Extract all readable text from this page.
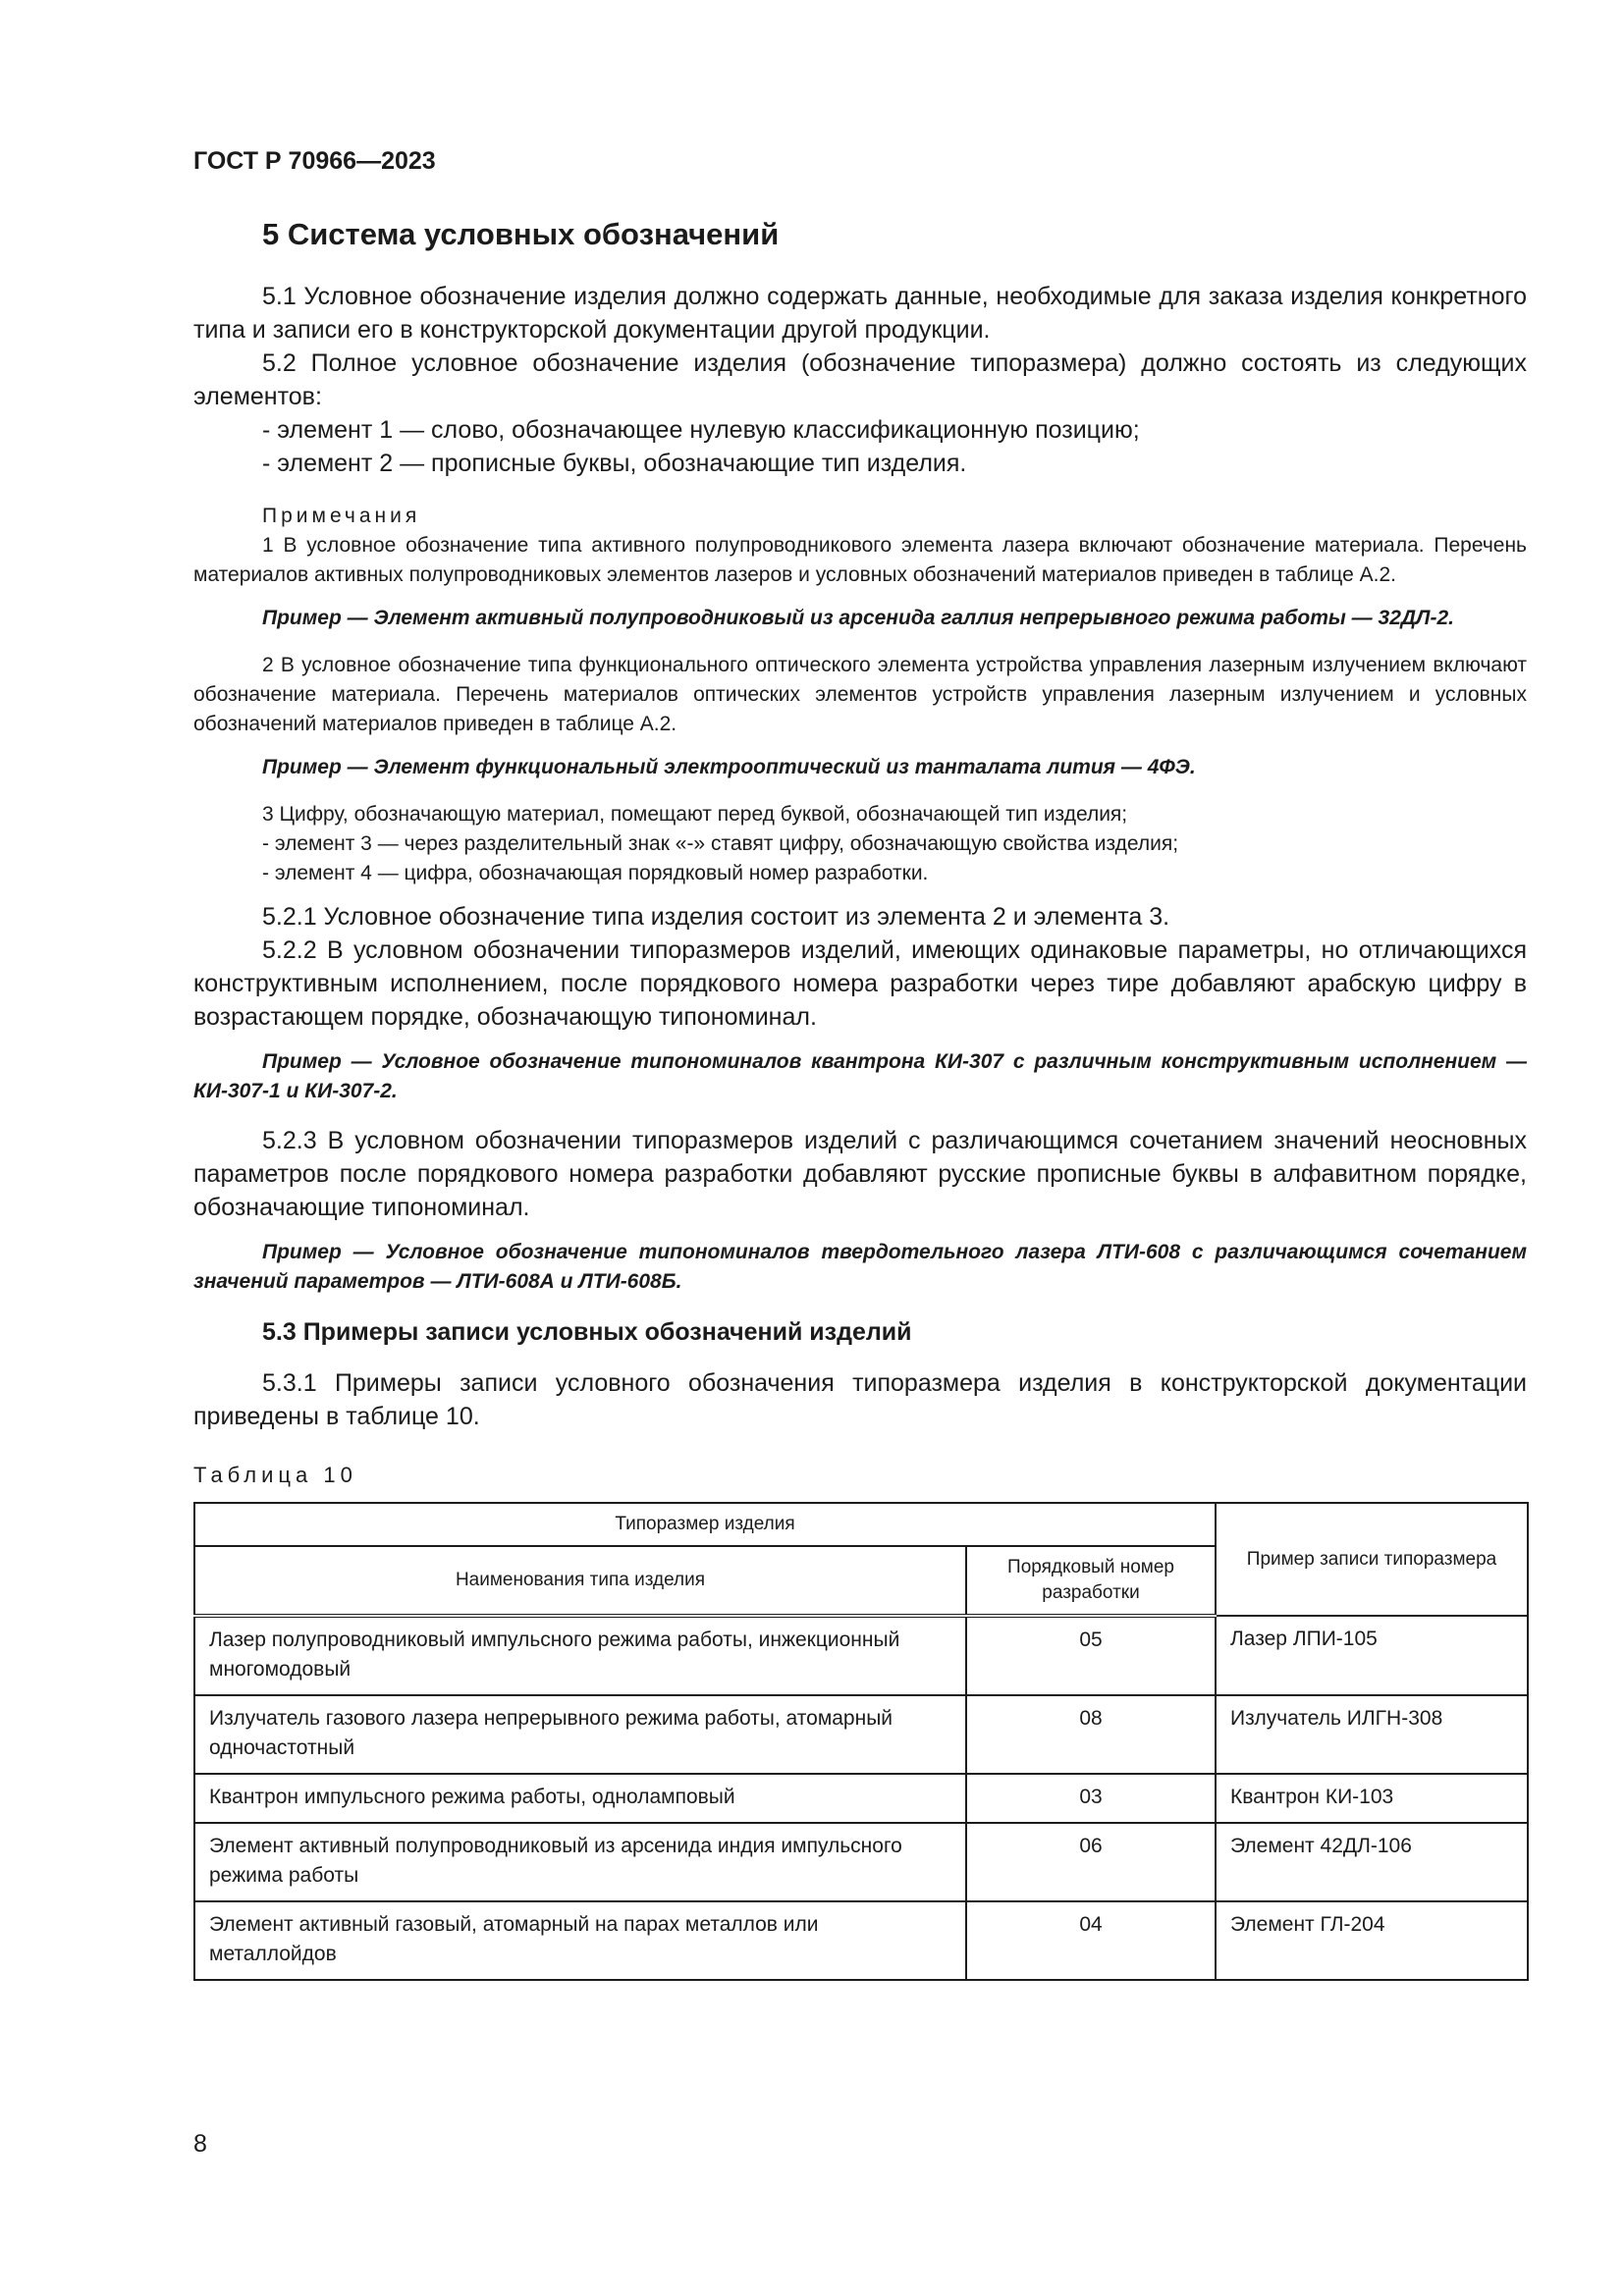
ГОСТ Р 70966—2023
5 Система условных обозначений

5.1 Условное обозначение изделия должно содержать данные, необходимые для заказа изделия конкретного типа и записи его в конструкторской документации другой продукции.

5.2 Полное условное обозначение изделия (обозначение типоразмера) должно состоять из следующих элементов:

- элемент 1 — слово, обозначающее нулевую классификационную позицию;

- элемент 2 — прописные буквы, обозначающие тип изделия.

Примечания

1 В условное обозначение типа активного полупроводникового элемента лазера включают обозначение материала. Перечень материалов активных полупроводниковых элементов лазеров и условных обозначений материалов приведен в таблице А.2.

Пример — Элемент активный полупроводниковый из арсенида галлия непрерывного режима работы — 32ДЛ-2.

2 В условное обозначение типа функционального оптического элемента устройства управления лазерным излучением включают обозначение материала. Перечень материалов оптических элементов устройств управления лазерным излучением и условных обозначений материалов приведен в таблице А.2.

Пример — Элемент функциональный электрооптический из танталата лития — 4ФЭ.

3 Цифру, обозначающую материал, помещают перед буквой, обозначающей тип изделия;

- элемент 3 — через разделительный знак «-» ставят цифру, обозначающую свойства изделия;

- элемент 4 — цифра, обозначающая порядковый номер разработки.

5.2.1 Условное обозначение типа изделия состоит из элемента 2 и элемента 3.

5.2.2 В условном обозначении типоразмеров изделий, имеющих одинаковые параметры, но отличающихся конструктивным исполнением, после порядкового номера разработки через тире добавляют арабскую цифру в возрастающем порядке, обозначающую типономинал.

Пример — Условное обозначение типономиналов квантрона КИ-307 с различным конструктивным исполнением — КИ-307-1 и КИ-307-2.

5.2.3 В условном обозначении типоразмеров изделий с различающимся сочетанием значений неосновных параметров после порядкового номера разработки добавляют русские прописные буквы в алфавитном порядке, обозначающие типономинал.

Пример — Условное обозначение типономиналов твердотельного лазера ЛТИ-608 с различающимся сочетанием значений параметров — ЛТИ-608А и ЛТИ-608Б.

5.3 Примеры записи условных обозначений изделий

5.3.1 Примеры записи условного обозначения типоразмера изделия в конструкторской документации приведены в таблице 10.

Таблица 10
Типоразмер изделия		Пример записи типоразмера
Наименования типа изделия	Порядковый номер разработки	
Лазер полупроводниковый импульсного режима работы, инжекционный многомодовый	05	Лазер ЛПИ-105
Излучатель газового лазера непрерывного режима работы, атомарный одночастотный	08	Излучатель ИЛГН-308
Квантрон импульсного режима работы, одноламповый	03	Квантрон КИ-103
Элемент активный полупроводниковый из арсенида индия импульсного режима работы	06	Элемент 42ДЛ-106
Элемент активный газовый, атомарный на парах металлов или металлойдов	04	Элемент ГЛ-204
8
